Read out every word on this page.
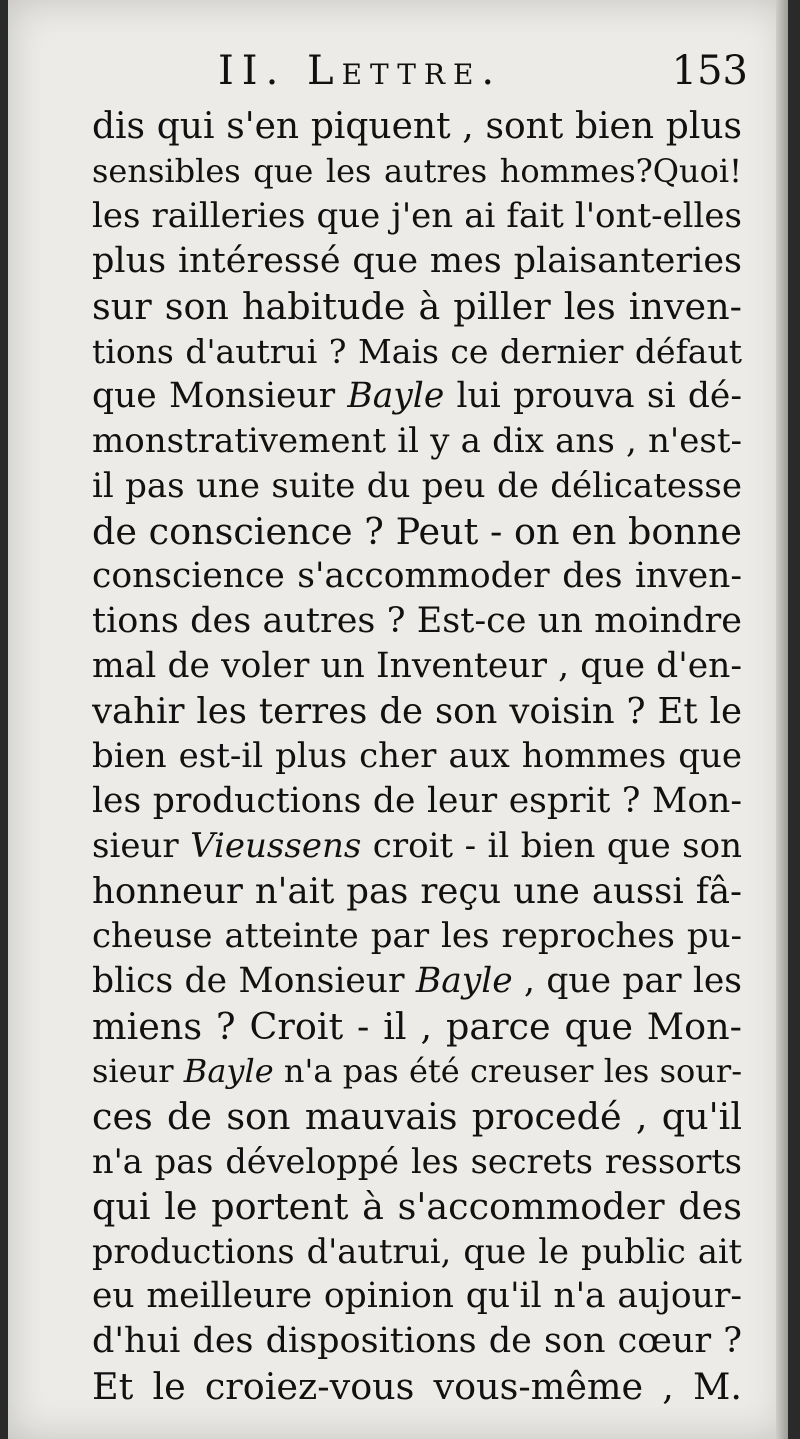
II. Lettre.	153
dis qui s'en piquent , sont bien plus
sensibles que les autres hommes?Quoi!
les railleries que j'en ai fait l'ont-elles
plus intéressé que mes plaisanteries
sur son habitude à piller les inven-
tions d'autrui ? Mais ce dernier défaut
que Monsieur Bayle lui prouva si dé-
monstrativement il y a dix ans , n'est-
il pas une suite du peu de délicatesse
de conscience ? Peut - on en bonne
conscience s'accommoder des inven-
tions des autres ? Est-ce un moindre
mal de voler un Inventeur , que d'en-
vahir les terres de son voisin ? Et le
bien est-il plus cher aux hommes que
les productions de leur esprit ? Mon-
sieur Vieussens croit - il bien que son
honneur n'ait pas reçu une aussi fâ-
cheuse atteinte par les reproches pu-
blics de Monsieur Bayle , que par les
miens ? Croit - il , parce que Mon-
sieur Bayle n'a pas été creuser les sour-
ces de son mauvais procedé , qu'il
n'a pas développé les secrets ressorts
qui le portent à s'accommoder des
productions d'autrui, que le public ait
eu meilleure opinion qu'il n'a aujour-
d'hui des dispositions de son cœur ?
Et le croiez-vous vous-même , M.
